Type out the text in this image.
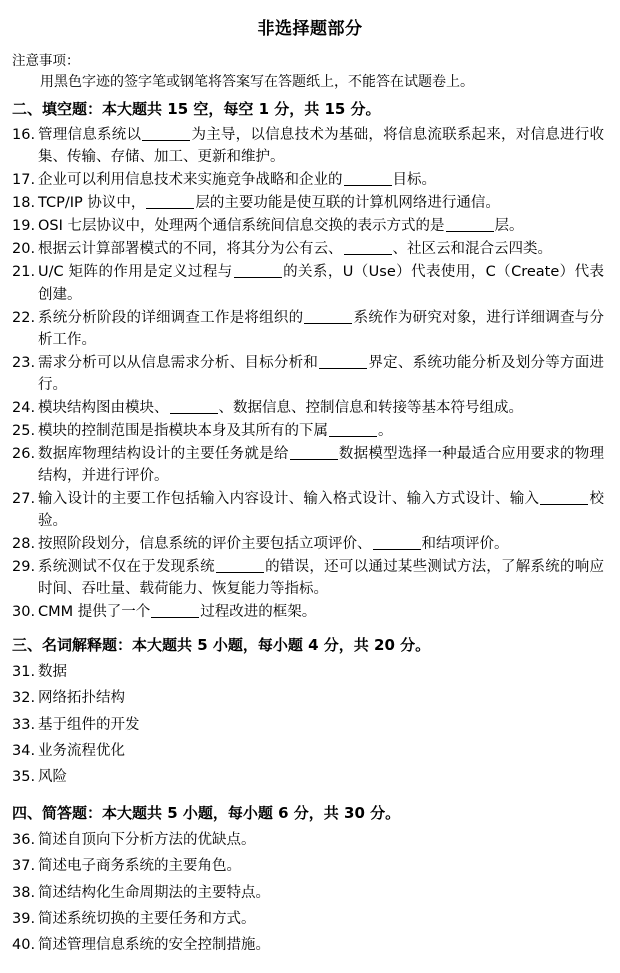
非选择题部分
注意事项：
用黑色字迹的签字笔或钢笔将答案写在答题纸上，不能答在试题卷上。
二、填空题：本大题共 15 空，每空 1 分，共 15 分。
16. 管理信息系统以	为主导，以信息技术为基础，将信息流联系起来，对信息进行收集、传输、存储、加工、更新和维护。
17. 企业可以利用信息技术来实施竞争战略和企业的	目标。
18. TCP/IP 协议中，	层的主要功能是使互联的计算机网络进行通信。
19. OSI 七层协议中，处理两个通信系统间信息交换的表示方式的是	层。
20. 根据云计算部署模式的不同，将其分为公有云、	、社区云和混合云四类。
21. U/C 矩阵的作用是定义过程与	的关系，U（Use）代表使用，C（Create）代表创建。
22. 系统分析阶段的详细调查工作是将组织的	系统作为研究对象，进行详细调查与分析工作。
23. 需求分析可以从信息需求分析、目标分析和	界定、系统功能分析及划分等方面进行。
24. 模块结构图由模块、	、数据信息、控制信息和转接等基本符号组成。
25. 模块的控制范围是指模块本身及其所有的下属	。
26. 数据库物理结构设计的主要任务就是给	数据模型选择一种最适合应用要求的物理结构，并进行评价。
27. 输入设计的主要工作包括输入内容设计、输入格式设计、输入方式设计、输入	校验。
28. 按照阶段划分，信息系统的评价主要包括立项评价、	和结项评价。
29. 系统测试不仅在于发现系统	的错误，还可以通过某些测试方法，了解系统的响应时间、吞吐量、载荷能力、恢复能力等指标。
30. CMM 提供了一个	过程改进的框架。
三、名词解释题：本大题共 5 小题，每小题 4 分，共 20 分。
31. 数据
32. 网络拓扑结构
33. 基于组件的开发
34. 业务流程优化
35. 风险
四、简答题：本大题共 5 小题，每小题 6 分，共 30 分。
36. 简述自顶向下分析方法的优缺点。
37. 简述电子商务系统的主要角色。
38. 简述结构化生命周期法的主要特点。
39. 简述系统切换的主要任务和方式。
40. 简述管理信息系统的安全控制措施。
